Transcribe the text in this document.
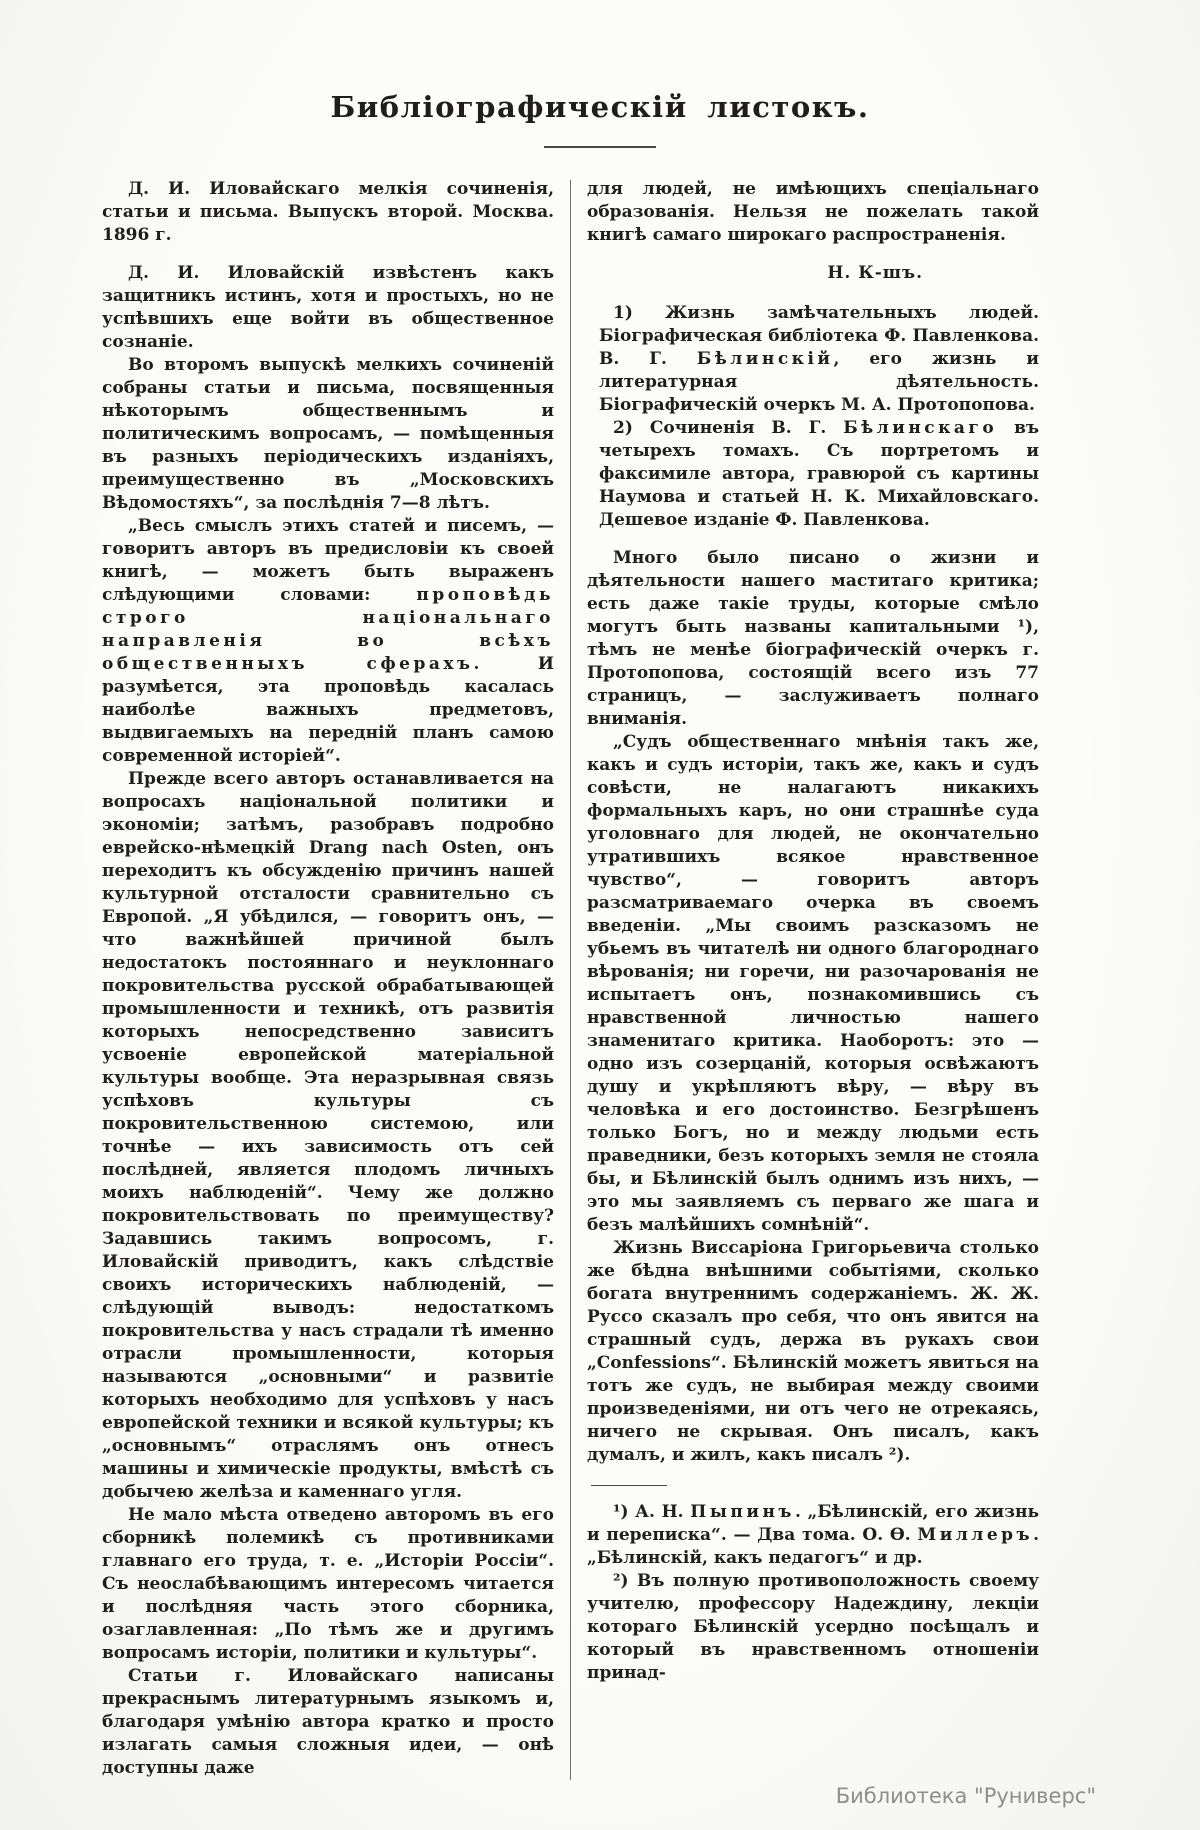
Библіографическій листокъ.

Д. И. Иловайскаго мелкія сочиненія, статьи и письма. Выпускъ второй. Москва. 1896 г.

Д. И. Иловайскій извѣстенъ какъ защитникъ истинъ, хотя и простыхъ, но не успѣвшихъ еще войти въ общественное сознаніе.

Во второмъ выпускѣ мелкихъ сочиненій собраны статьи и письма, посвященныя нѣкоторымъ общественнымъ и политическимъ вопросамъ, — помѣщенныя въ разныхъ періодическихъ изданіяхъ, преимущественно въ „Московскихъ Вѣдомостяхъ“, за послѣднія 7—8 лѣтъ.

„Весь смыслъ этихъ статей и писемъ, — говоритъ авторъ въ предисловіи къ своей книгѣ, — можетъ быть выраженъ слѣдующими словами: проповѣдь строго національнаго направленія во всѣхъ общественныхъ сферахъ. И разумѣется, эта проповѣдь касалась наиболѣе важныхъ предметовъ, выдвигаемыхъ на передній планъ самою современной исторіей“.

Прежде всего авторъ останавливается на вопросахъ національной политики и экономіи; затѣмъ, разобравъ подробно еврейско-нѣмецкій Drang nach Osten, онъ переходитъ къ обсужденію причинъ нашей культурной отсталости сравнительно съ Европой. „Я убѣдился, — говоритъ онъ, — что важнѣйшей причиной былъ недостатокъ постояннаго и неуклоннаго покровительства русской обрабатывающей промышленности и техникѣ, отъ развитія которыхъ непосредственно зависитъ усвоеніе европейской матеріальной культуры вообще. Эта неразрывная связь успѣховъ культуры съ покровительственною системою, или точнѣе — ихъ зависимость отъ сей послѣдней, является плодомъ личныхъ моихъ наблюденій“. Чему же должно покровительствовать по преимуществу? Задавшись такимъ вопросомъ, г. Иловайскій приводитъ, какъ слѣдствіе своихъ историческихъ наблюденій, — слѣдующій выводъ: недостаткомъ покровительства у насъ страдали тѣ именно отрасли промышленности, которыя называются „основными“ и развитіе которыхъ необходимо для успѣховъ у насъ европейской техники и всякой культуры; къ „основнымъ“ отраслямъ онъ отнесъ машины и химическіе продукты, вмѣстѣ съ добычею желѣза и каменнаго угля.

Не мало мѣста отведено авторомъ въ его сборникѣ полемикѣ съ противниками главнаго его труда, т. е. „Исторіи Россіи“. Съ неослабѣвающимъ интересомъ читается и послѣдняя часть этого сборника, озаглавленная: „По тѣмъ же и другимъ вопросамъ исторіи, политики и культуры“.

Статьи г. Иловайскаго написаны прекраснымъ литературнымъ языкомъ и, благодаря умѣнію автора кратко и просто излагать самыя сложныя идеи, — онѣ доступны даже

для людей, не имѣющихъ спеціальнаго образованія. Нельзя не пожелать такой книгѣ самаго широкаго распространенія.

Н. К-шъ.

1) Жизнь замѣчательныхъ людей. Біографическая библіотека Ф. Павленкова. В. Г. Бѣлинскій, его жизнь и литературная дѣятельность. Біографическій очеркъ М. А. Протопопова.

2) Сочиненія В. Г. Бѣлинскаго въ четырехъ томахъ. Съ портретомъ и факсимиле автора, гравюрой съ картины Наумова и статьей Н. К. Михайловскаго. Дешевое изданіе Ф. Павленкова.

Много было писано о жизни и дѣятельности нашего маститаго критика; есть даже такіе труды, которые смѣло могутъ быть названы капитальными ¹), тѣмъ не менѣе біографическій очеркъ г. Протопопова, состоящій всего изъ 77 страницъ, — заслуживаетъ полнаго вниманія.

„Судъ общественнаго мнѣнія такъ же, какъ и судъ исторіи, такъ же, какъ и судъ совѣсти, не налагаютъ никакихъ формальныхъ каръ, но они страшнѣе суда уголовнаго для людей, не окончательно утратившихъ всякое нравственное чувство“, — говоритъ авторъ разсматриваемаго очерка въ своемъ введеніи. „Мы своимъ разсказомъ не убьемъ въ читателѣ ни одного благороднаго вѣрованія; ни горечи, ни разочарованія не испытаетъ онъ, познакомившись съ нравственной личностью нашего знаменитаго критика. Наоборотъ: это — одно изъ созерцаній, которыя освѣжаютъ душу и укрѣпляютъ вѣру, — вѣру въ человѣка и его достоинство. Безгрѣшенъ только Богъ, но и между людьми есть праведники, безъ которыхъ земля не стояла бы, и Бѣлинскій былъ однимъ изъ нихъ, — это мы заявляемъ съ перваго же шага и безъ малѣйшихъ сомнѣній“.

Жизнь Виссаріона Григорьевича столько же бѣдна внѣшними событіями, сколько богата внутреннимъ содержаніемъ. Ж. Ж. Руссо сказалъ про себя, что онъ явится на страшный судъ, держа въ рукахъ свои „Confessions“. Бѣлинскій можетъ явиться на тотъ же судъ, не выбирая между своими произведеніями, ни отъ чего не отрекаясь, ничего не скрывая. Онъ писалъ, какъ думалъ, и жилъ, какъ писалъ ²).

¹) А. Н. Пыпинъ. „Бѣлинскій, его жизнь и переписка“. — Два тома. О. Ѳ. Миллеръ. „Бѣлинскій, какъ педагогъ“ и др.

²) Въ полную противоположность своему учителю, профессору Надеждину, лекціи котораго Бѣлинскій усердно посѣщалъ и который въ нравственномъ отношеніи принад-

Библиотека "Руниверс"
